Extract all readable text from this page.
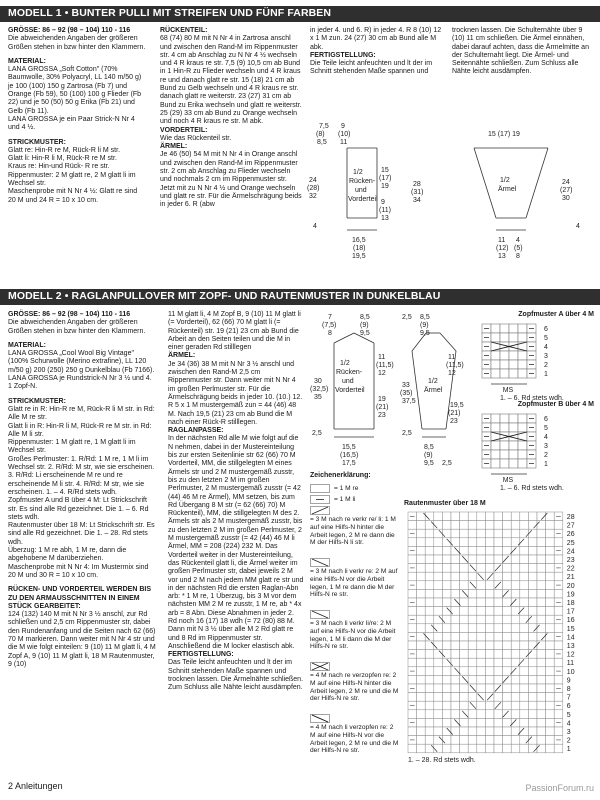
MODELL 1 • BUNTER PULLI MIT STREIFEN UND FÜNF FARBEN

GRÖSSE: 86 – 92 (98 – 104) 110 - 116

Die abweichenden Angaben der größeren Größen stehen in bzw hinter den Klammern.

MATERIAL:

LANA GROSSA „Soft Cotton" (70% Baumwolle, 30% Polyacryl, LL 140 m/50 g)

je 100 (100) 150 g Zartrosa (Fb 7) und Orange (Fb 59), 50 (100) 100 g Flieder (Fb 22) und je 50 (50) 50 g Erika (Fb 21) und Gelb (Fb 11).

LANA GROSSA je ein Paar Strick-N Nr 4 und 4 ½.

STRICKMUSTER:

Glatt re: Hin-R re M, Rück-R li M str.

Glatt li: Hin-R li M, Rück-R re M str.

Kraus re: Hin-und Rück- R re str.

Rippenmuster: 2 M glatt re, 2 M glatt li im Wechsel str.

Maschenprobe mit N Nr 4 ½: Glatt re sind 20 M und 24 R = 10 x 10 cm.

RÜCKENTEIL:

68 (74) 80 M mit N Nr 4 in Zartrosa anschl und zwischen den Rand-M im Rippenmuster str. 4 cm ab Anschlag zu N Nr 4 ½ wechseln und 4 R kraus re str. 7,5 (9) 10,5 cm ab Bund in 1 Hin-R zu Flieder wechseln und 4 R kraus re und danach glatt re str. 15 (18) 21 cm ab Bund zu Gelb wechseln und 4 R kraus re str. danach glatt re weiterstr. 23 (27) 31 cm ab Bund zu Erika wechseln und glatt re weiterstr. 25 (29) 33 cm ab Bund zu Orange wechseln und noch 4 R kraus re str. M abk.

VORDERTEIL:

Wie das Rückenteil str.

ÄRMEL:

Je 46 (50) 54 M mit N Nr 4 in Orange anschl und zwischen den Rand-M im Rippenmuster str. 2 cm ab Anschlag zu Flieder wechseln und nochmals 2 cm im Rippenmuster str. Jetzt mit zu N Nr 4 ½ und Orange wechseln und glatt re str. Für die Ärmelschrägung beids in jeder 6. R (abw

in jeder 4. und 6. R) in jeder 4. R 8 (10) 12 x 1 M zun. 24 (27) 30 cm ab Bund alle M abk.

FERTIGSTELLUNG:

Die Teile leicht anfeuchten und lt der im Schnitt stehenden Maße spannen und

trocknen lassen. Die Schulternähte über 9 (10) 11 cm schließen. Die Ärmel einnähen, dabei darauf achten, dass die Ärmelmitte an der Schulternaht liegt. Die Ärmel- und Seitennähte schließen. Zum Schluss alle Nähte leicht ausdämpfen.

7,5
(8)
8,5
9
(10)
11
15
(17)
19
9
(11)
13
1/2
Rücken-
und
Vorderteil
24
(28)
32
28
(31)
34
4
16,5
(18)
19,5
15 (17) 19
1/2
Ärmel
24
(27)
30
4
11
(12)
13
4
(5)
8
MODELL 2 • RAGLANPULLOVER MIT ZOPF- UND RAUTENMUSTER IN DUNKELBLAU

GRÖSSE: 86 – 92 (98 – 104) 110 - 116

Die abweichenden Angaben der größeren Größen stehen in bzw hinter den Klammern.

MATERIAL:

LANA GROSSA „Cool Wool Big Vintage" (100% Schurwolle (Merino extrafine), LL 120 m/50 g) 200 (250) 250 g Dunkelblau (Fb 7166).

LANA GROSSA je Rundstrick-N Nr 3 ½ und 4.

1 Zopf-N.

STRICKMUSTER:

Glatt re in R: Hin-R re M, Rück-R li M str. in Rd: Alle M re str.

Glatt li in R: Hin-R li M, Rück-R re M str. in Rd: Alle M li str.

Rippenmuster: 1 M glatt re, 1 M glatt li im Wechsel str.

Großes Perlmuster: 1. R/Rd: 1 M re, 1 M li im Wechsel str. 2. R/Rd: M str, wie sie erscheinen. 3. R/Rd: Li erscheinende M re und re erscheinende M li str. 4. R/Rd: M str, wie sie erscheinen. 1. – 4. R/Rd stets wdh.

Zopfmuster A und B über 4 M: Lt Strickschrift str. Es sind alle Rd gezeichnet. Die 1. – 6. Rd stets wdh.

Rautenmuster über 18 M: Lt Strickschrift str. Es sind alle Rd gezeichnet. Die 1. – 28. Rd stets wdh.

Überzug: 1 M re abh, 1 M re, dann die abgehobene M darüberziehen.

Maschenprobe mit N Nr 4: Im Mustermix sind 20 M und 30 R = 10 x 10 cm.

RÜCKEN- UND VORDERTEIL WERDEN BIS ZU DEN ARMAUSSCHNITTEN IN EINEM STÜCK GEARBEITET:

124 (132) 140 M mit N Nr 3 ½ anschl, zur Rd schließen und 2,5 cm Rippenmuster str, dabei den Rundenanfang und die Seiten nach 62 (66) 70 M markieren. Dann weiter mit N Nr 4 str und die M wie folgt einteilen: 9 (10) 11 M glatt li, 4 M Zopf A, 9 (10) 11 M glatt li, 18 M Rautenmuster, 9 (10)

11 M glatt li, 4 M Zopf B, 9 (10) 11 M glatt li (= Vorderteil), 62 (66) 70 M glatt li (= Rückenteil) str. 19 (21) 23 cm ab Bund die Arbeit an den Seiten teilen und die M in einer geraden Rd stilllegen

ÄRMEL:

Je 34 (36) 38 M mit N Nr 3 ½ anschl und zwischen den Rand-M 2,5 cm Rippenmuster str. Dann weiter mit N Nr 4 im großen Perlmuster str. Für die Ärmelschrägung beids in jeder 10. (10.) 12. R 5 x 1 M mustergemäß zun = 44 (46) 48 M. Nach 19,5 (21) 23 cm ab Bund die M nach einer Rück-R stilllegen.

RAGLANPASSE:

In der nächsten Rd alle M wie folgt auf die N nehmen, dabei in der Mustereinteilung bis zur ersten Seitenlinie str 62 (66) 70 M Vorderteil, MM, die stillgelegten M eines Ärmels str und 2 M mustergemäß zusstr, bis zu den letzten 2 M im großen Perlmuster, 2 M mustergemäß zusstr (= 42 (44) 46 M re Ärmel), MM setzen, bis zum Rd Übergang 8 M str (= 62 (66) 70) M Rückenteil), MM, die stillgelegten M des 2. Ärmels str als 2 M mustergemäß zusstr, bis zu den letzten 2 M im großen Perlmuster, 2 M mustergemäß zusstr (= 42 (44) 46 M li Ärmel, MM = 208 (224) 232 M. Das Vorderteil weiter in der Mustereinteilung, das Rückenteil glatt li, die Ärmel weiter im großen Perlmuster str, dabei jeweils 2 M vor und 2 M nach jedem MM glatt re str und in der nächsten Rd die ersten Raglan-Abn arb: * 1 M re, 1 Überzug, bis 3 M vor dem nächsten MM 2 M re zusstr, 1 M re, ab * 4x arb = 8 Abn. Diese Abnahmen in jeder 2. Rd noch 16 (17) 18 wdh (= 72 (80) 88 M. Dann mit N 3 ½ über alle M 2 Rd glatt re und 8 Rd im Rippenmuster str. Anschließend die M locker elastisch abk.

FERTIGSTELLUNG:

Das Teile leicht anfeuchten und lt der im Schnitt stehenden Maße spannen und trocknen lassen. Die Ärmelnähte schließen. Zum Schluss alle Nähte leicht ausdämpfen.

7
(7,5)
8
8,5
(9)
9,5
11
(11,5)
12
1/2
Rücken-
und
Vorderteil
30
(32,5)
35	19
(21)
23
2,5
15,5
(16,5)
17,5
2,5 8,5
(9)
9,5
11
(11,5)
12
1/2
Ärmel
33
(35)
37,5
19,5
(21)
23
2,5
8,5
(9)
9,5 2,5
Zopfmuster A über 4 M
6
5
4
3
2
1
MS
1. – 6. Rd stets wdh.
Zopfmuster B über 4 M
6
5
4
3
2
1
MS
1. – 6. Rd stets wdh.
Zeichenerklärung:
= 1 M re
= 1 M li
= 3 M nach re verkr re/ li: 1 M auf eine Hilfs-N hinter die Arbeit legen, 2 M re dann die M der Hilfs-N li str.
= 3 M nach li verkr re: 2 M auf eine Hilfs-N vor die Arbeit legen, 1 M re dann die M der Hilfs-N re str.
= 3 M nach li verkr li/re: 2 M auf eine Hilfs-N vor die Arbeit legen, 1 M li dann die M der Hilfs-N re str.
= 4 M nach re verzopfen re: 2 M auf eine Hilfs-N hinter die Arbeit legen, 2 M re und die M der Hilfs-N re str.
= 4 M nach li verzopfen re: 2 M auf eine Hilfs-N vor die Arbeit legen, 2 M re und die M der Hilfs-N re str.
Rautenmuster über 18 M
28
27
26
25
24
23
22
21
20
19
18
17
16
15
14
13
12
11
10
9
8
7
6
5
4
3
2
1
1. – 28. Rd stets wdh.
2 Anleitungen	PassionForum.ru
